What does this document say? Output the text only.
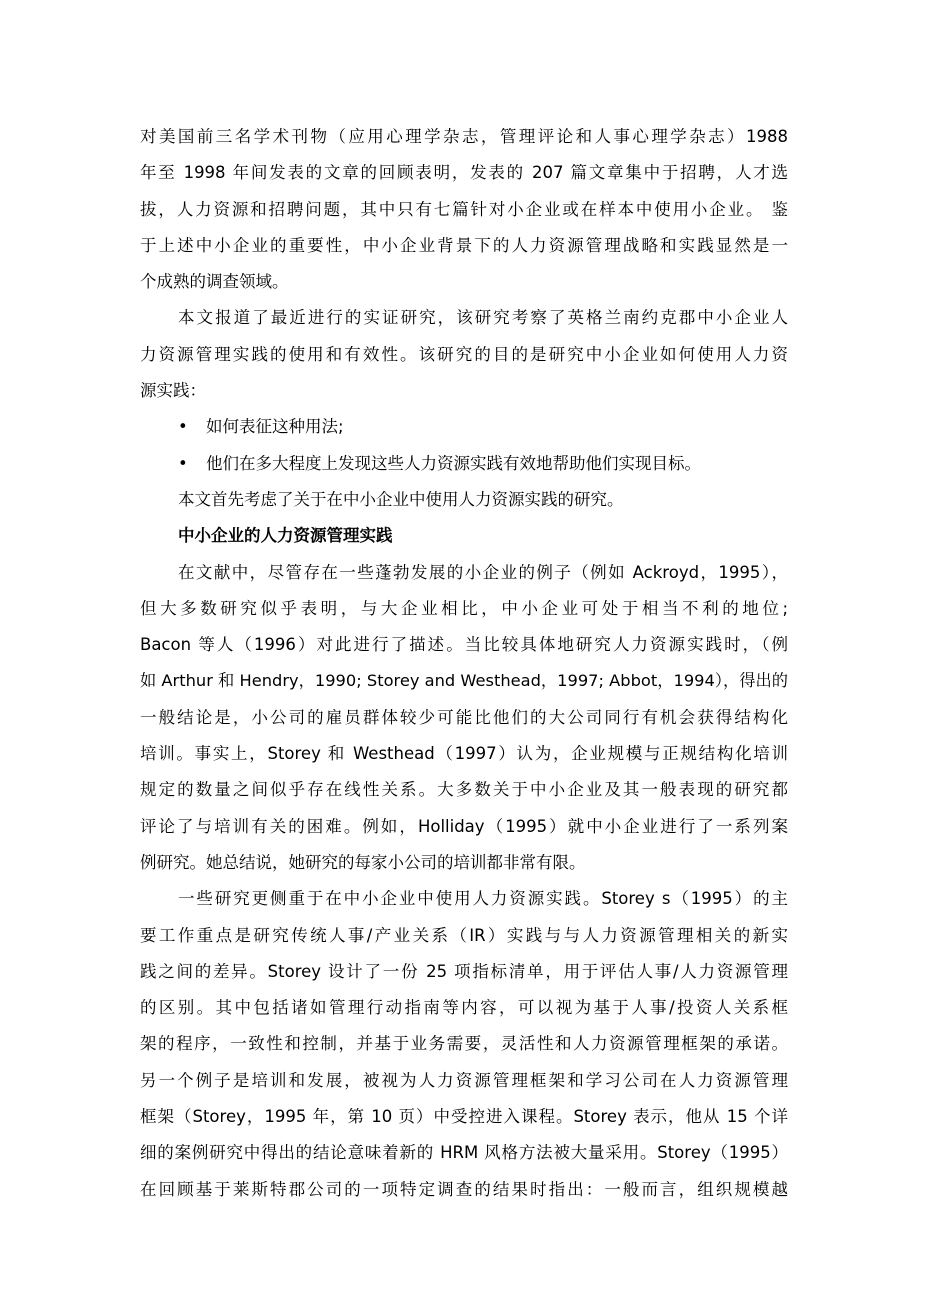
对美国前三名学术刊物（应用心理学杂志，管理评论和人事心理学杂志）1988
年至 1998 年间发表的文章的回顾表明，发表的 207 篇文章集中于招聘，人才选
拔，人力资源和招聘问题，其中只有七篇针对小企业或在样本中使用小企业。 鉴
于上述中小企业的重要性，中小企业背景下的人力资源管理战略和实践显然是一
个成熟的调查领域。
本文报道了最近进行的实证研究，该研究考察了英格兰南约克郡中小企业人
力资源管理实践的使用和有效性。该研究的目的是研究中小企业如何使用人力资
源实践：
• 如何表征这种用法;
• 他们在多大程度上发现这些人力资源实践有效地帮助他们实现目标。
本文首先考虑了关于在中小企业中使用人力资源实践的研究。
中小企业的人力资源管理实践
在文献中，尽管存在一些蓬勃发展的小企业的例子（例如 Ackroyd，1995），
但大多数研究似乎表明，与大企业相比，中小企业可处于相当不利的地位;
Bacon 等人（1996）对此进行了描述。当比较具体地研究人力资源实践时，（例
如 Arthur 和 Hendry，1990; Storey and Westhead，1997; Abbot，1994），得出的
一般结论是，小公司的雇员群体较少可能比他们的大公司同行有机会获得结构化
培训。事实上，Storey 和 Westhead（1997）认为，企业规模与正规结构化培训
规定的数量之间似乎存在线性关系。大多数关于中小企业及其一般表现的研究都
评论了与培训有关的困难。例如，Holliday（1995）就中小企业进行了一系列案
例研究。她总结说，她研究的每家小公司的培训都非常有限。
一些研究更侧重于在中小企业中使用人力资源实践。Storey s（1995）的主
要工作重点是研究传统人事/产业关系（IR）实践与与人力资源管理相关的新实
践之间的差异。Storey 设计了一份 25 项指标清单，用于评估人事/人力资源管理
的区别。其中包括诸如管理行动指南等内容，可以视为基于人事/投资人关系框
架的程序，一致性和控制，并基于业务需要，灵活性和人力资源管理框架的承诺。
另一个例子是培训和发展，被视为人力资源管理框架和学习公司在人力资源管理
框架（Storey，1995 年，第 10 页）中受控进入课程。Storey 表示，他从 15 个详
细的案例研究中得出的结论意味着新的 HRM 风格方法被大量采用。Storey（1995）
在回顾基于莱斯特郡公司的一项特定调查的结果时指出：一般而言，组织规模越
